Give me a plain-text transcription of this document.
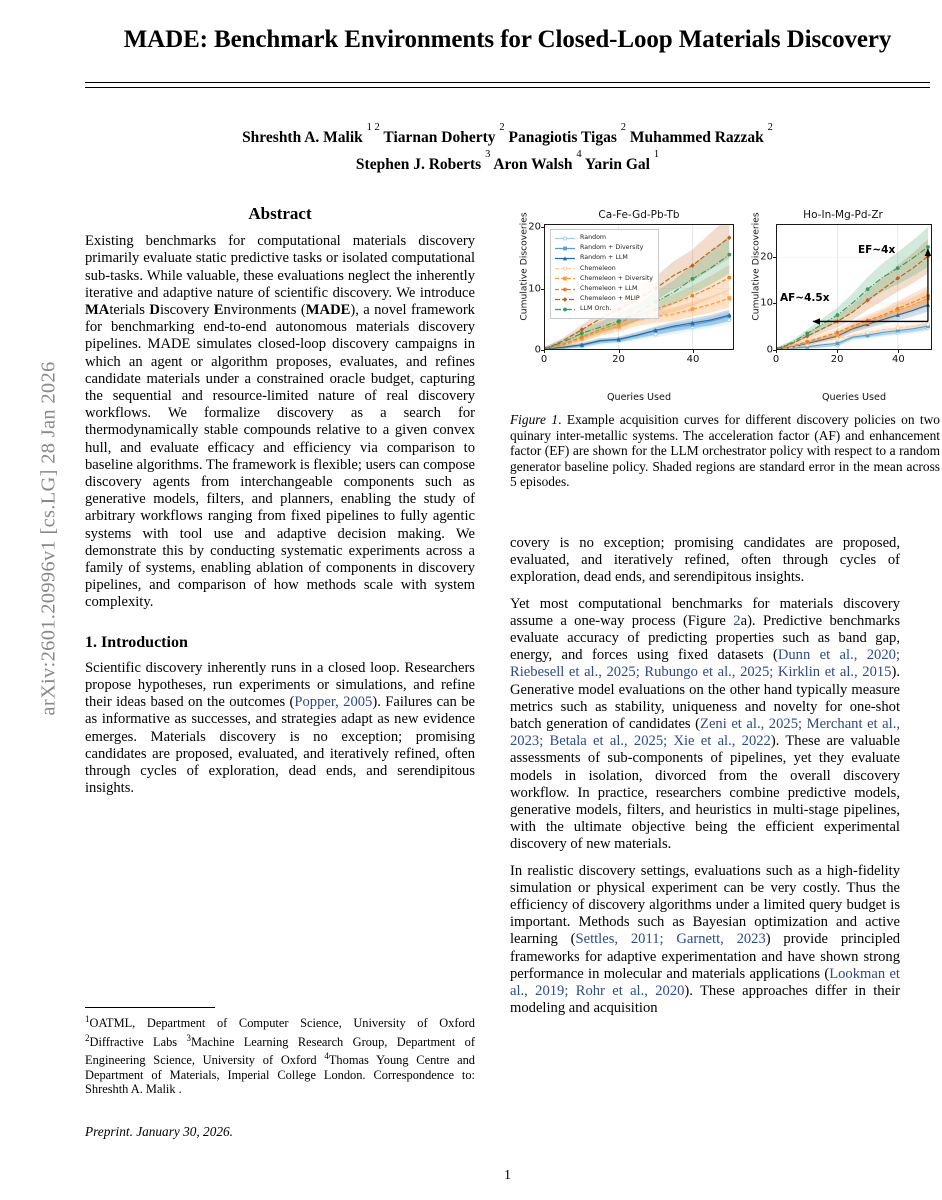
arXiv:2601.20996v1 [cs.LG] 28 Jan 2026
MADE: Benchmark Environments for Closed-Loop Materials Discovery
Shreshth A. Malik $^{1 2}$ Tiarnan Doherty $^2$ Panagiotis Tigas $^2$ Muhammed Razzak $^2$
Stephen J. Roberts $^3$ Aron Walsh $^4$ Yarin Gal $^1$
Abstract
Existing benchmarks for computational materials discovery primarily evaluate static predictive tasks or isolated computational sub-tasks. While valuable, these evaluations neglect the inherently iterative and adaptive nature of scientific discovery. We introduce MAterials Discovery Environments (MADE), a novel framework for benchmarking end-to-end autonomous materials discovery pipelines. MADE simulates closed-loop discovery campaigns in which an agent or algorithm proposes, evaluates, and refines candidate materials under a constrained oracle budget, capturing the sequential and resource-limited nature of real discovery workflows. We formalize discovery as a search for thermodynamically stable compounds relative to a given convex hull, and evaluate efficacy and efficiency via comparison to baseline algorithms. The framework is flexible; users can compose discovery agents from interchangeable components such as generative models, filters, and planners, enabling the study of arbitrary workflows ranging from fixed pipelines to fully agentic systems with tool use and adaptive decision making. We demonstrate this by conducting systematic experiments across a family of systems, enabling ablation of components in discovery pipelines, and comparison of how methods scale with system complexity.
1. Introduction

Scientific discovery inherently runs in a closed loop. Researchers propose hypotheses, run experiments or simulations, and refine their ideas based on the outcomes (Popper, 2005). Failures can be as informative as successes, and strategies adapt as new evidence emerges. Materials discovery is no exception; promising candidates are proposed, evaluated, and iteratively refined, often through cycles of exploration, dead ends, and serendipitous insights.

Ca-Fe-Gd-Pb-Tb
Cumulative Discoveries
0
10
20
0	20	40
Random
Random + Diversity
Random + LLM
Chemeleon
Chemeleon + Diversity
Chemeleon + LLM
Chemeleon + MLIP
LLM Orch.
Queries Used
Ho-In-Mg-Pd-Zr
Cumulative Discoveries
0
10
20
0	20	40
EF~4x
AF~4.5x
Queries Used
Figure 1. Example acquisition curves for different discovery policies on two quinary inter-metallic systems. The acceleration factor (AF) and enhancement factor (EF) are shown for the LLM orchestrator policy with respect to a random generator baseline policy. Shaded regions are standard error in the mean across 5 episodes.

covery is no exception; promising candidates are proposed, evaluated, and iteratively refined, often through cycles of exploration, dead ends, and serendipitous insights.

Yet most computational benchmarks for materials discovery assume a one-way process (Figure 2a). Predictive benchmarks evaluate accuracy of predicting properties such as band gap, energy, and forces using fixed datasets (Dunn et al., 2020; Riebesell et al., 2025; Rubungo et al., 2025; Kirklin et al., 2015). Generative model evaluations on the other hand typically measure metrics such as stability, uniqueness and novelty for one-shot batch generation of candidates (Zeni et al., 2025; Merchant et al., 2023; Betala et al., 2025; Xie et al., 2022). These are valuable assessments of sub-components of pipelines, yet they evaluate models in isolation, divorced from the overall discovery workflow. In practice, researchers combine predictive models, generative models, filters, and heuristics in multi-stage pipelines, with the ultimate objective being the efficient experimental discovery of new materials.

In realistic discovery settings, evaluations such as a high-fidelity simulation or physical experiment can be very costly. Thus the efficiency of discovery algorithms under a limited query budget is important. Methods such as Bayesian optimization and active learning (Settles, 2011; Garnett, 2023) provide principled frameworks for adaptive experimentation and have shown strong performance in molecular and materials applications (Lookman et al., 2019; Rohr et al., 2020). These approaches differ in their modeling and acquisition

$^1$OATML, Department of Computer Science, University of Oxford $^2$Diffractive Labs $^3$Machine Learning Research Group, Department of Engineering Science, University of Oxford $^4$Thomas Young Centre and Department of Materials, Imperial College London. Correspondence to: Shreshth A. Malik .
Preprint. January 30, 2026.
1
